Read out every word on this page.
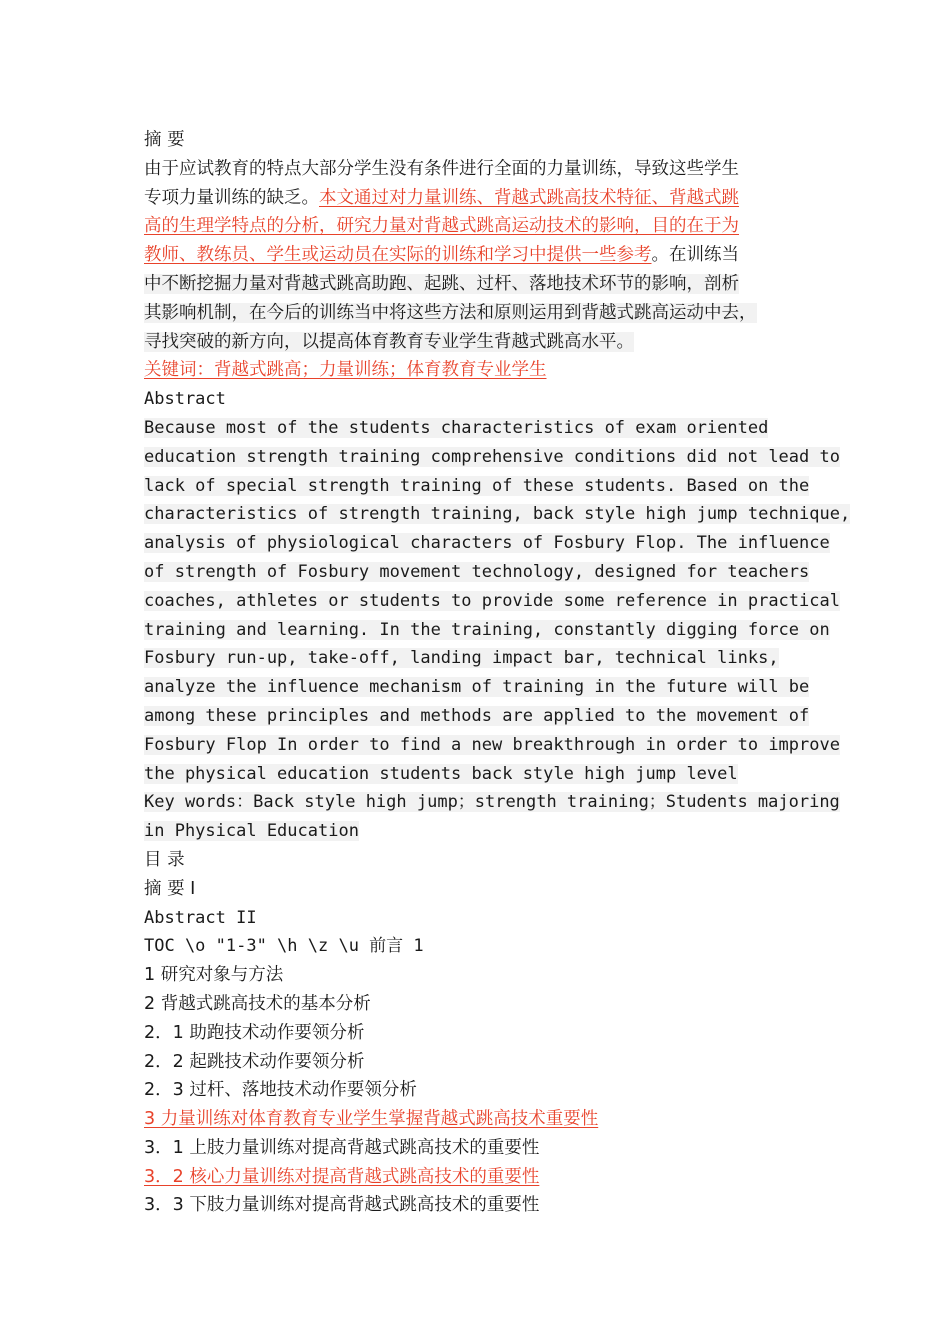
摘 要
由于应试教育的特点大部分学生没有条件进行全面的力量训练，导致这些学生
专项力量训练的缺乏。本文通过对力量训练、背越式跳高技术特征、背越式跳
高的生理学特点的分析，研究力量对背越式跳高运动技术的影响，目的在于为
教师、教练员、学生或运动员在实际的训练和学习中提供一些参考。在训练当
中不断挖掘力量对背越式跳高助跑、起跳、过杆、落地技术环节的影响，剖析
其影响机制，在今后的训练当中将这些方法和原则运用到背越式跳高运动中去，
寻找突破的新方向，以提高体育教育专业学生背越式跳高水平。
关键词：背越式跳高；力量训练；体育教育专业学生
Abstract
Because most of the students characteristics of exam oriented
education strength training comprehensive conditions did not lead to
lack of special strength training of these students. Based on the
characteristics of strength training, back style high jump technique,
analysis of physiological characters of Fosbury Flop. The influence
of strength of Fosbury movement technology, designed for teachers
coaches, athletes or students to provide some reference in practical
training and learning. In the training, constantly digging force on
Fosbury run-up, take-off, landing impact bar, technical links,
analyze the influence mechanism of training in the future will be
among these principles and methods are applied to the movement of
Fosbury Flop In order to find a new breakthrough in order to improve
the physical education students back style high jump level
Key words：Back style high jump；strength training；Students majoring
in Physical Education
目 录
摘 要 I
Abstract II
TOC \o "1-3" \h \z \u 前言 1
1 研究对象与方法
2 背越式跳高技术的基本分析
2．1 助跑技术动作要领分析
2．2 起跳技术动作要领分析
2．3 过杆、落地技术动作要领分析
3 力量训练对体育教育专业学生掌握背越式跳高技术重要性
3．1 上肢力量训练对提高背越式跳高技术的重要性
3．2 核心力量训练对提高背越式跳高技术的重要性
3．3 下肢力量训练对提高背越式跳高技术的重要性
